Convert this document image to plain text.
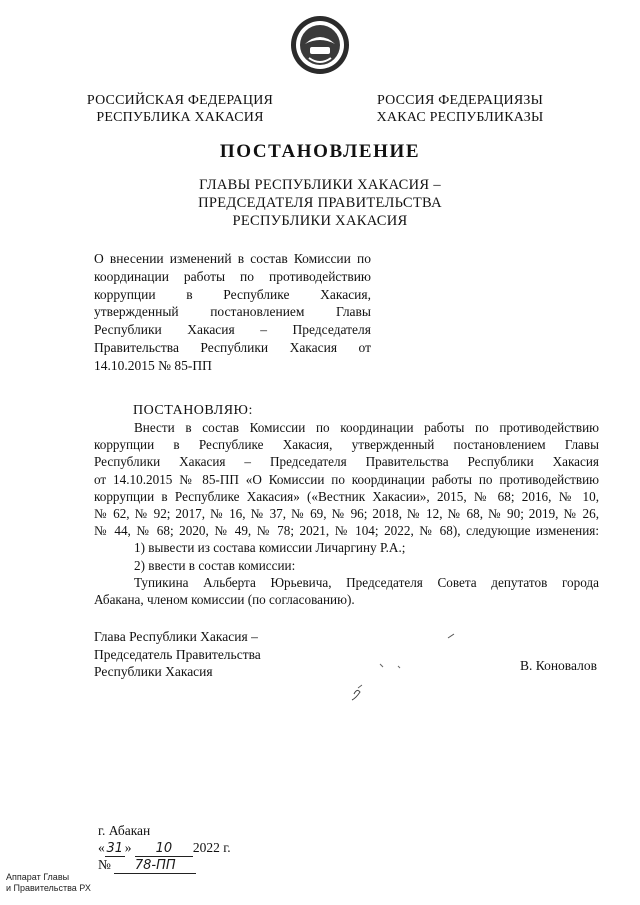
РОССИЙСКАЯ ФЕДЕРАЦИЯ
РЕСПУБЛИКА ХАКАСИЯ
РОССИЯ ФЕДЕРАЦИЯЗЫ
ХАКАС РЕСПУБЛИКАЗЫ
ПОСТАНОВЛЕНИЕ
ГЛАВЫ РЕСПУБЛИКИ ХАКАСИЯ –
ПРЕДСЕДАТЕЛЯ ПРАВИТЕЛЬСТВА
РЕСПУБЛИКИ ХАКАСИЯ
О внесении изменений в состав Комиссии по
координации работы по противодействию
коррупции в Республике Хакасия,
утвержденный постановлением Главы
Республики Хакасия – Председателя
Правительства Республики Хакасия от
14.10.2015 № 85-ПП
ПОСТАНОВЛЯЮ:
Внести в состав Комиссии по координации работы по противодействию
коррупции в Республике Хакасия, утвержденный постановлением Главы
Республики Хакасия – Председателя Правительства Республики Хакасия
от 14.10.2015 № 85-ПП «О Комиссии по координации работы по противодействию
коррупции в Республике Хакасия» («Вестник Хакасии», 2015, № 68; 2016, № 10,
№ 62, № 92; 2017, № 16, № 37, № 69, № 96; 2018, № 12, № 68, № 90; 2019, № 26,
№ 44, № 68; 2020, № 49, № 78; 2021, № 104; 2022, № 68), следующие изменения:
1) вывести из состава комиссии Личаргину Р.А.;
2) ввести в состав комиссии:
Тупикина Альберта Юрьевича, Председателя Совета депутатов города
Абакана, членом комиссии (по согласованию).
Глава Республики Хакасия –
Председатель Правительства
Республики Хакасия	В. Коновалов
г. Абакан
« 31 » 10 2022 г.
№ 78-ПП
Аппарат Главы
и Правительства РХ
